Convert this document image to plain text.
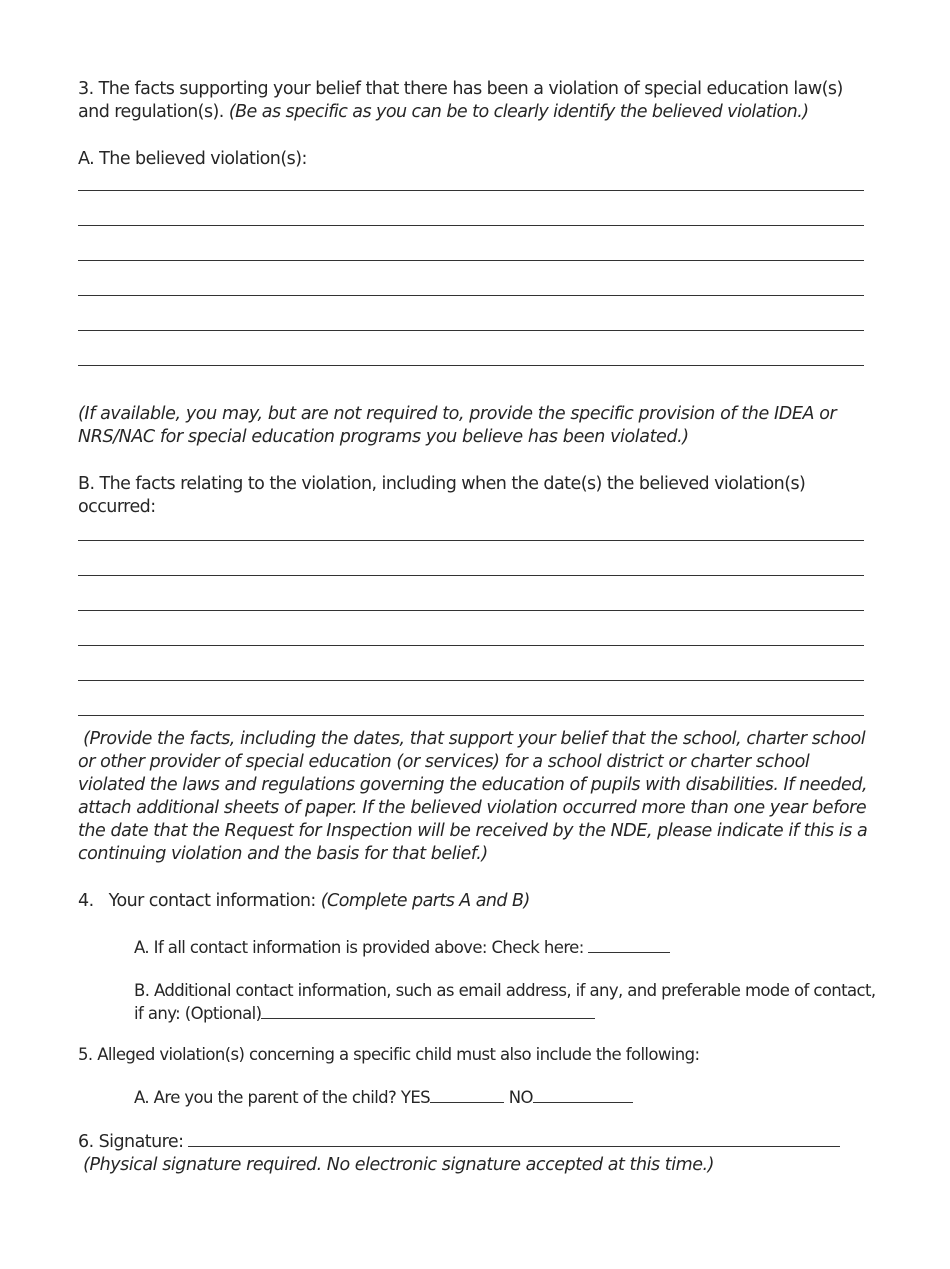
3. The facts supporting your belief that there has been a violation of special education law(s) and regulation(s). (Be as specific as you can be to clearly identify the believed violation.)
A. The believed violation(s):
(If available, you may, but are not required to, provide the specific provision of the IDEA or NRS/NAC for special education programs you believe has been violated.)
B. The facts relating to the violation, including when the date(s) the believed violation(s) occurred:
(Provide the facts, including the dates, that support your belief that the school, charter school or other provider of special education (or services) for a school district or charter school violated the laws and regulations governing the education of pupils with disabilities. If needed, attach additional sheets of paper. If the believed violation occurred more than one year before the date that the Request for Inspection will be received by the NDE, please indicate if this is a continuing violation and the basis for that belief.)
4.   Your contact information: (Complete parts A and B)
A. If all contact information is provided above: Check here:
B. Additional contact information, such as email address, if any, and preferable mode of contact, if any: (Optional)
5. Alleged violation(s) concerning a specific child must also include the following:
A. Are you the parent of the child? YES	NO
6. Signature:
(Physical signature required. No electronic signature accepted at this time.)
